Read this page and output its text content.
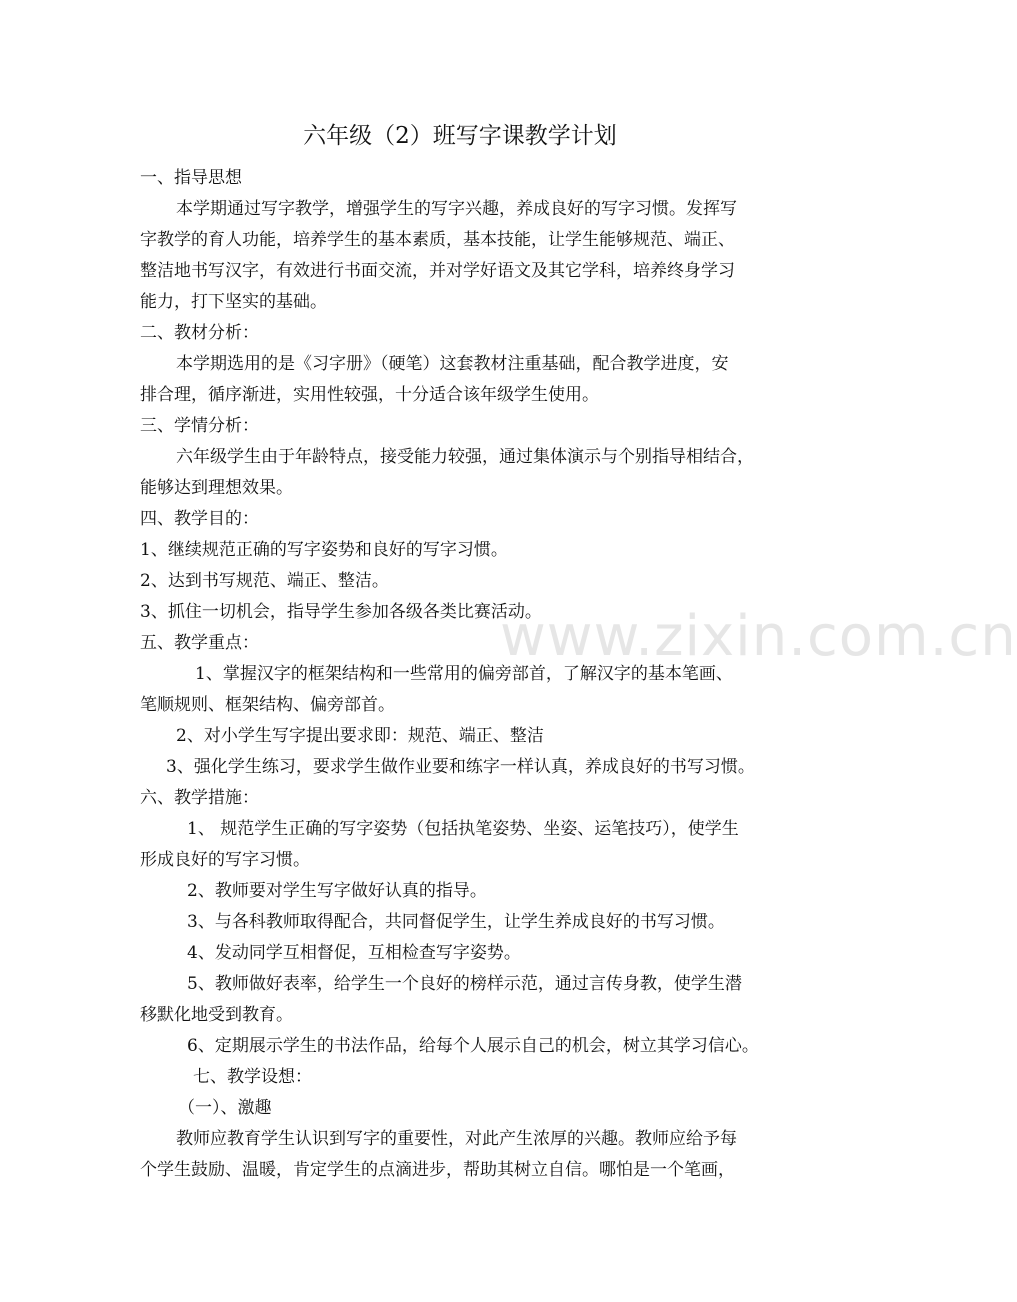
www.zixin.com.cn
六年级（2）班写字课教学计划

一、指导思想

本学期通过写字教学，增强学生的写字兴趣，养成良好的写字习惯。发挥写

字教学的育人功能，培养学生的基本素质，基本技能，让学生能够规范、端正、

整洁地书写汉字，有效进行书面交流，并对学好语文及其它学科，培养终身学习

能力，打下坚实的基础。

二、教材分析：

本学期选用的是《习字册》（硬笔）这套教材注重基础，配合教学进度，安

排合理，循序渐进，实用性较强，十分适合该年级学生使用。

三、学情分析：

六年级学生由于年龄特点，接受能力较强，通过集体演示与个别指导相结合，

能够达到理想效果。

四、教学目的：

1、继续规范正确的写字姿势和良好的写字习惯。

2、达到书写规范、端正、整洁。

3、抓住一切机会，指导学生参加各级各类比赛活动。

五、教学重点：

1、掌握汉字的框架结构和一些常用的偏旁部首，了解汉字的基本笔画、

笔顺规则、框架结构、偏旁部首。

2、对小学生写字提出要求即：规范、端正、整洁

3、强化学生练习，要求学生做作业要和练字一样认真，养成良好的书写习惯。

六、教学措施：

1、 规范学生正确的写字姿势（包括执笔姿势、坐姿、运笔技巧），使学生

形成良好的写字习惯。

2、教师要对学生写字做好认真的指导。

3、与各科教师取得配合，共同督促学生，让学生养成良好的书写习惯。

4、发动同学互相督促，互相检查写字姿势。

5、教师做好表率，给学生一个良好的榜样示范，通过言传身教，使学生潜

移默化地受到教育。

6、定期展示学生的书法作品，给每个人展示自己的机会，树立其学习信心。

七、教学设想：

（一）、激趣

教师应教育学生认识到写字的重要性，对此产生浓厚的兴趣。教师应给予每

个学生鼓励、温暖，肯定学生的点滴进步，帮助其树立自信。哪怕是一个笔画，
